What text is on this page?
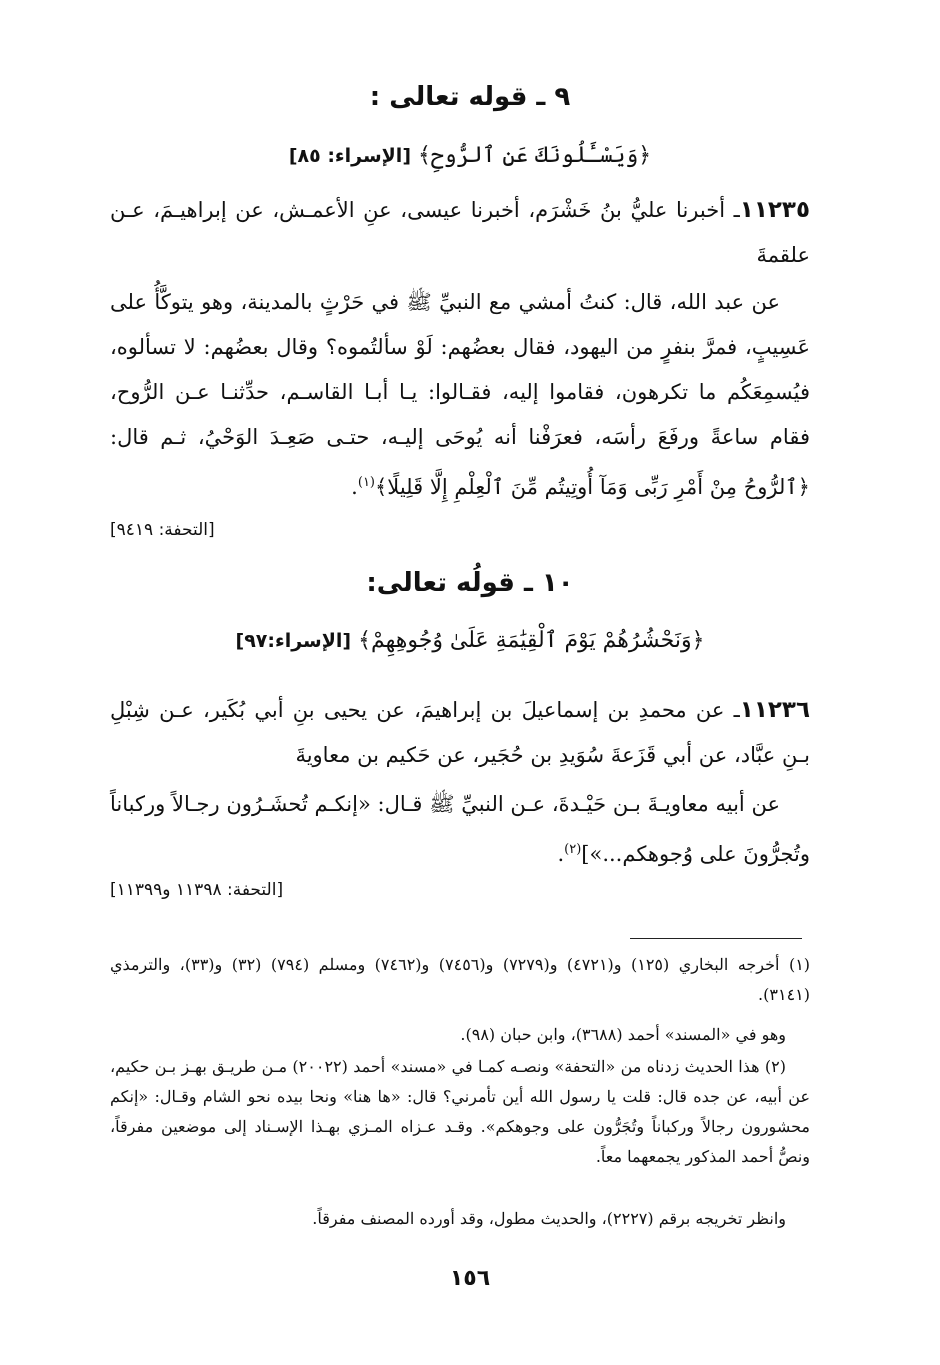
٩ ـ قوله تعالى :
﴿وَيَسْـَٔلُونَكَ عَنِ ٱلرُّوحِ﴾ [الإسراء: ٨٥]
١١٢٣٥ـ أخبرنا عليُّ بنُ خَشْرَم، أخبرنا عيسى، عنِ الأعمـش، عن إبراهيـمَ، عـن علقمةَ
عن عبد الله، قال: كنتُ أمشي مع النبيِّ ﷺ في حَرْثٍ بالمدينة، وهو يتوكَّأُ على عَسِيبٍ، فمرَّ بنفرٍ من اليهود، فقال بعضُهم: لَوْ سألتُموه؟ وقال بعضُهم: لا تسألوه، فيُسمِعَكُم ما تكرهون، فقاموا إليه، فقـالوا: يـا أبـا القاسـم، حدِّثنـا عـن الرُّوح، فقام ساعةً ورفَعَ رأسَه، فعرَفْنا أنه يُوحَى إليـه، حتـى صَعِـدَ الوَحْيُ، ثـم قال: ﴿ٱلرُّوحُ مِنْ أَمْرِ رَبِّى وَمَآ أُوتِيتُم مِّنَ ٱلْعِلْمِ إِلَّا قَلِيلًا﴾$^{(١)}$.
[التحفة: ٩٤١٩]
١٠ ـ قولُه تعالى:
﴿وَنَحْشُرُهُمْ يَوْمَ ٱلْقِيَٰمَةِ عَلَىٰ وُجُوهِهِمْ﴾ [الإسراء:٩٧]
١١٢٣٦ـ عن محمدِ بن إسماعيلَ بن إبراهيمَ، عن يحيى بنِ أبي بُكَير، عـن شِبْلِ بـنِ عبَّاد، عن أبي قَزَعةَ سُوَيدِ بن حُجَير، عن حَكيم بن معاويةَ
عن أبيه معاويـةَ بـن حَيْـدةَ، عـن النبيِّ ﷺ قـال: «إنكـم تُحشَـرُون رجـالاً وركباناً وتُجرُّونَ على وُجوهكم...»]$^{(٢)}$.
[التحفة: ١١٣٩٨ و١١٣٩٩]
(١) أخرجه البخاري (١٢٥) و(٤٧٢١) و(٧٢٧٩) و(٧٤٥٦) و(٧٤٦٢) ومسلم (٧٩٤) (٣٢) و(٣٣)، والترمذي (٣١٤١).
وهو في «المسند» أحمد (٣٦٨٨)، وابن حبان (٩٨).
(٢) هذا الحديث زدناه من «التحفة» ونصـه كمـا في «مسند» أحمد (٢٠٠٢٢) مـن طريـق بهـز بـن حكيم، عن أبيه، عن جده قال: قلت يا رسول الله أين تأمرني؟ قال: «ها هنا» ونحا بيده نحو الشام وقـال: «إنكم محشورون رجالاً وركباناً وتُجَرُّون على وجوهكم». وقـد عـزاه المـزي بهـذا الإسـناد إلى موضعين مفرقاً، ونصُّ أحمد المذكور يجمعهما معاً.
وانظر تخريجه برقم (٢٢٢٧)، والحديث مطول، وقد أورده المصنف مفرقاً.
١٥٦
